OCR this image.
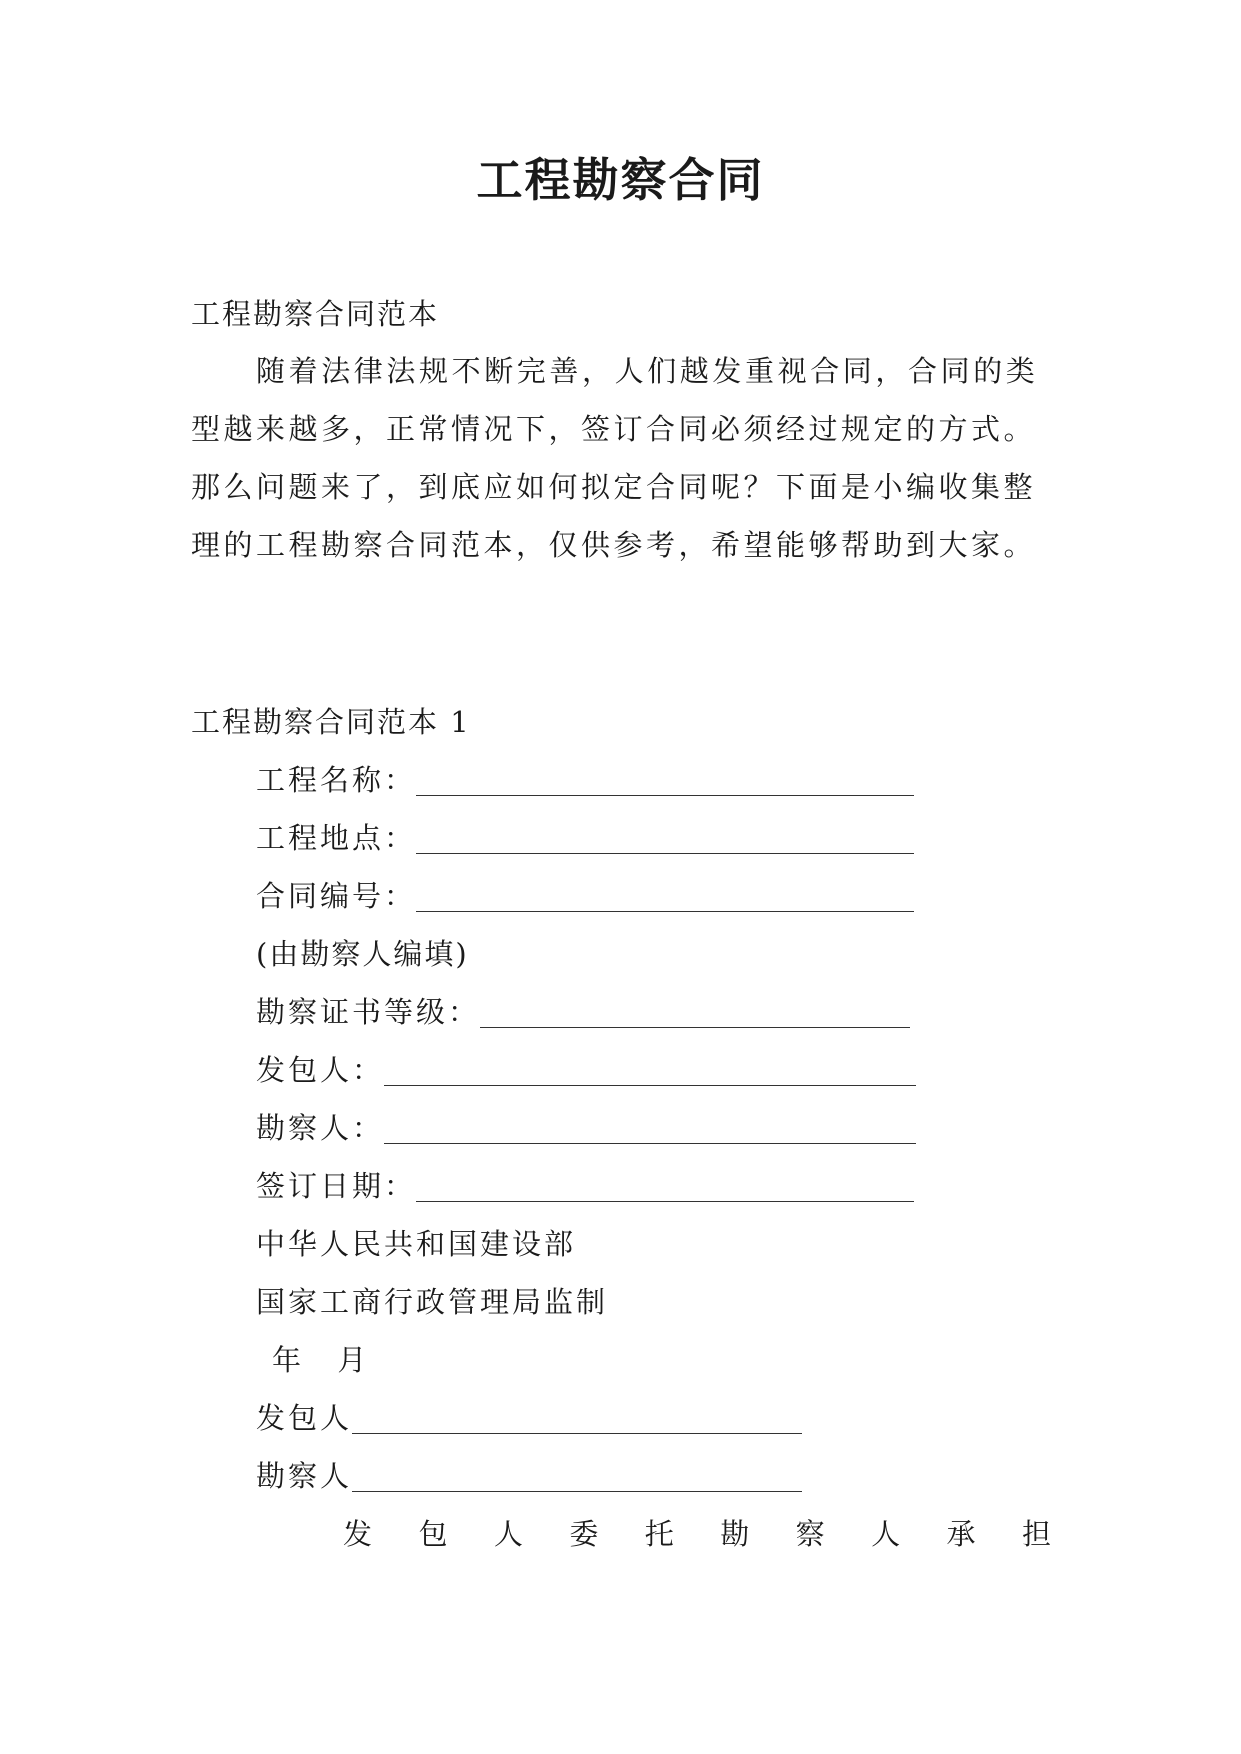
工程勘察合同
工程勘察合同范本
随着法律法规不断完善，人们越发重视合同，合同的类
型越来越多，正常情况下，签订合同必须经过规定的方式。
那么问题来了，到底应如何拟定合同呢？下面是小编收集整
理的工程勘察合同范本，仅供参考，希望能够帮助到大家。
工程勘察合同范本 1
工程名称：
工程地点：
合同编号：
(由勘察人编填)
勘察证书等级：
发包人：
勘察人：
签订日期：
中华人民共和国建设部
国家工商行政管理局监制
年  月
发包人
勘察人
发 包 人 委 托 勘 察 人 承 担
